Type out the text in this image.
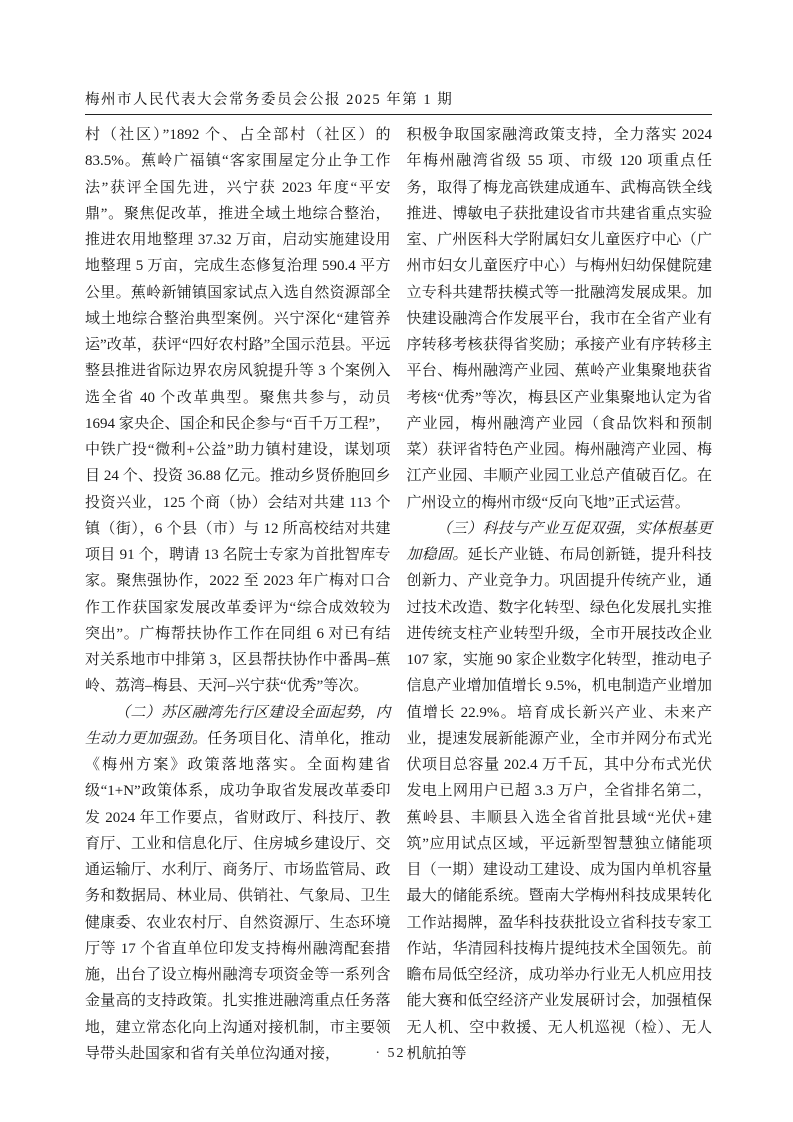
梅州市人民代表大会常务委员会公报 2025 年第 1 期

村（社区）”1892 个、占全部村（社区）的 83.5%。蕉岭广福镇“客家围屋定分止争工作法”获评全国先进，兴宁获 2023 年度“平安鼎”。聚焦促改革，推进全域土地综合整治，推进农用地整理 37.32 万亩，启动实施建设用地整理 5 万亩，完成生态修复治理 590.4 平方公里。蕉岭新铺镇国家试点入选自然资源部全域土地综合整治典型案例。兴宁深化“建管养运”改革，获评“四好农村路”全国示范县。平远整县推进省际边界农房风貌提升等 3 个案例入选全省 40 个改革典型。聚焦共参与，动员 1694 家央企、国企和民企参与“百千万工程”，中铁广投“微利+公益”助力镇村建设，谋划项目 24 个、投资 36.88 亿元。推动乡贤侨胞回乡投资兴业，125 个商（协）会结对共建 113 个镇（街），6 个县（市）与 12 所高校结对共建项目 91 个，聘请 13 名院士专家为首批智库专家。聚焦强协作，2022 至 2023 年广梅对口合作工作获国家发展改革委评为“综合成效较为突出”。广梅帮扶协作工作在同组 6 对已有结对关系地市中排第 3，区县帮扶协作中番禺–蕉岭、荔湾–梅县、天河–兴宁获“优秀”等次。

（二）苏区融湾先行区建设全面起势，内生动力更加强劲。任务项目化、清单化，推动《梅州方案》政策落地落实。全面构建省级“1+N”政策体系，成功争取省发展改革委印发 2024 年工作要点，省财政厅、科技厅、教育厅、工业和信息化厅、住房城乡建设厅、交通运输厅、水利厅、商务厅、市场监管局、政务和数据局、林业局、供销社、气象局、卫生健康委、农业农村厅、自然资源厅、生态环境厅等 17 个省直单位印发支持梅州融湾配套措施，出台了设立梅州融湾专项资金等一系列含金量高的支持政策。扎实推进融湾重点任务落地，建立常态化向上沟通对接机制，市主要领导带头赴国家和省有关单位沟通对接，

积极争取国家融湾政策支持，全力落实 2024 年梅州融湾省级 55 项、市级 120 项重点任务，取得了梅龙高铁建成通车、武梅高铁全线推进、博敏电子获批建设省市共建省重点实验室、广州医科大学附属妇女儿童医疗中心（广州市妇女儿童医疗中心）与梅州妇幼保健院建立专科共建帮扶模式等一批融湾发展成果。加快建设融湾合作发展平台，我市在全省产业有序转移考核获得省奖励；承接产业有序转移主平台、梅州融湾产业园、蕉岭产业集聚地获省考核“优秀”等次，梅县区产业集聚地认定为省产业园，梅州融湾产业园（食品饮料和预制菜）获评省特色产业园。梅州融湾产业园、梅江产业园、丰顺产业园工业总产值破百亿。在广州设立的梅州市级“反向飞地”正式运营。

（三）科技与产业互促双强，实体根基更加稳固。延长产业链、布局创新链，提升科技创新力、产业竞争力。巩固提升传统产业，通过技术改造、数字化转型、绿色化发展扎实推进传统支柱产业转型升级，全市开展技改企业 107 家，实施 90 家企业数字化转型，推动电子信息产业增加值增长 9.5%，机电制造产业增加值增长 22.9%。培育成长新兴产业、未来产业，提速发展新能源产业，全市并网分布式光伏项目总容量 202.4 万千瓦，其中分布式光伏发电上网用户已超 3.3 万户，全省排名第二，蕉岭县、丰顺县入选全省首批县域“光伏+建筑”应用试点区域，平远新型智慧独立储能项目（一期）建设动工建设、成为国内单机容量最大的储能系统。暨南大学梅州科技成果转化工作站揭牌，盈华科技获批设立省科技专家工作站，华清园科技梅片提纯技术全国领先。前瞻布局低空经济，成功举办行业无人机应用技能大赛和低空经济产业发展研讨会，加强植保无人机、空中救援、无人机巡视（检）、无人机航拍等

· 52 ·
